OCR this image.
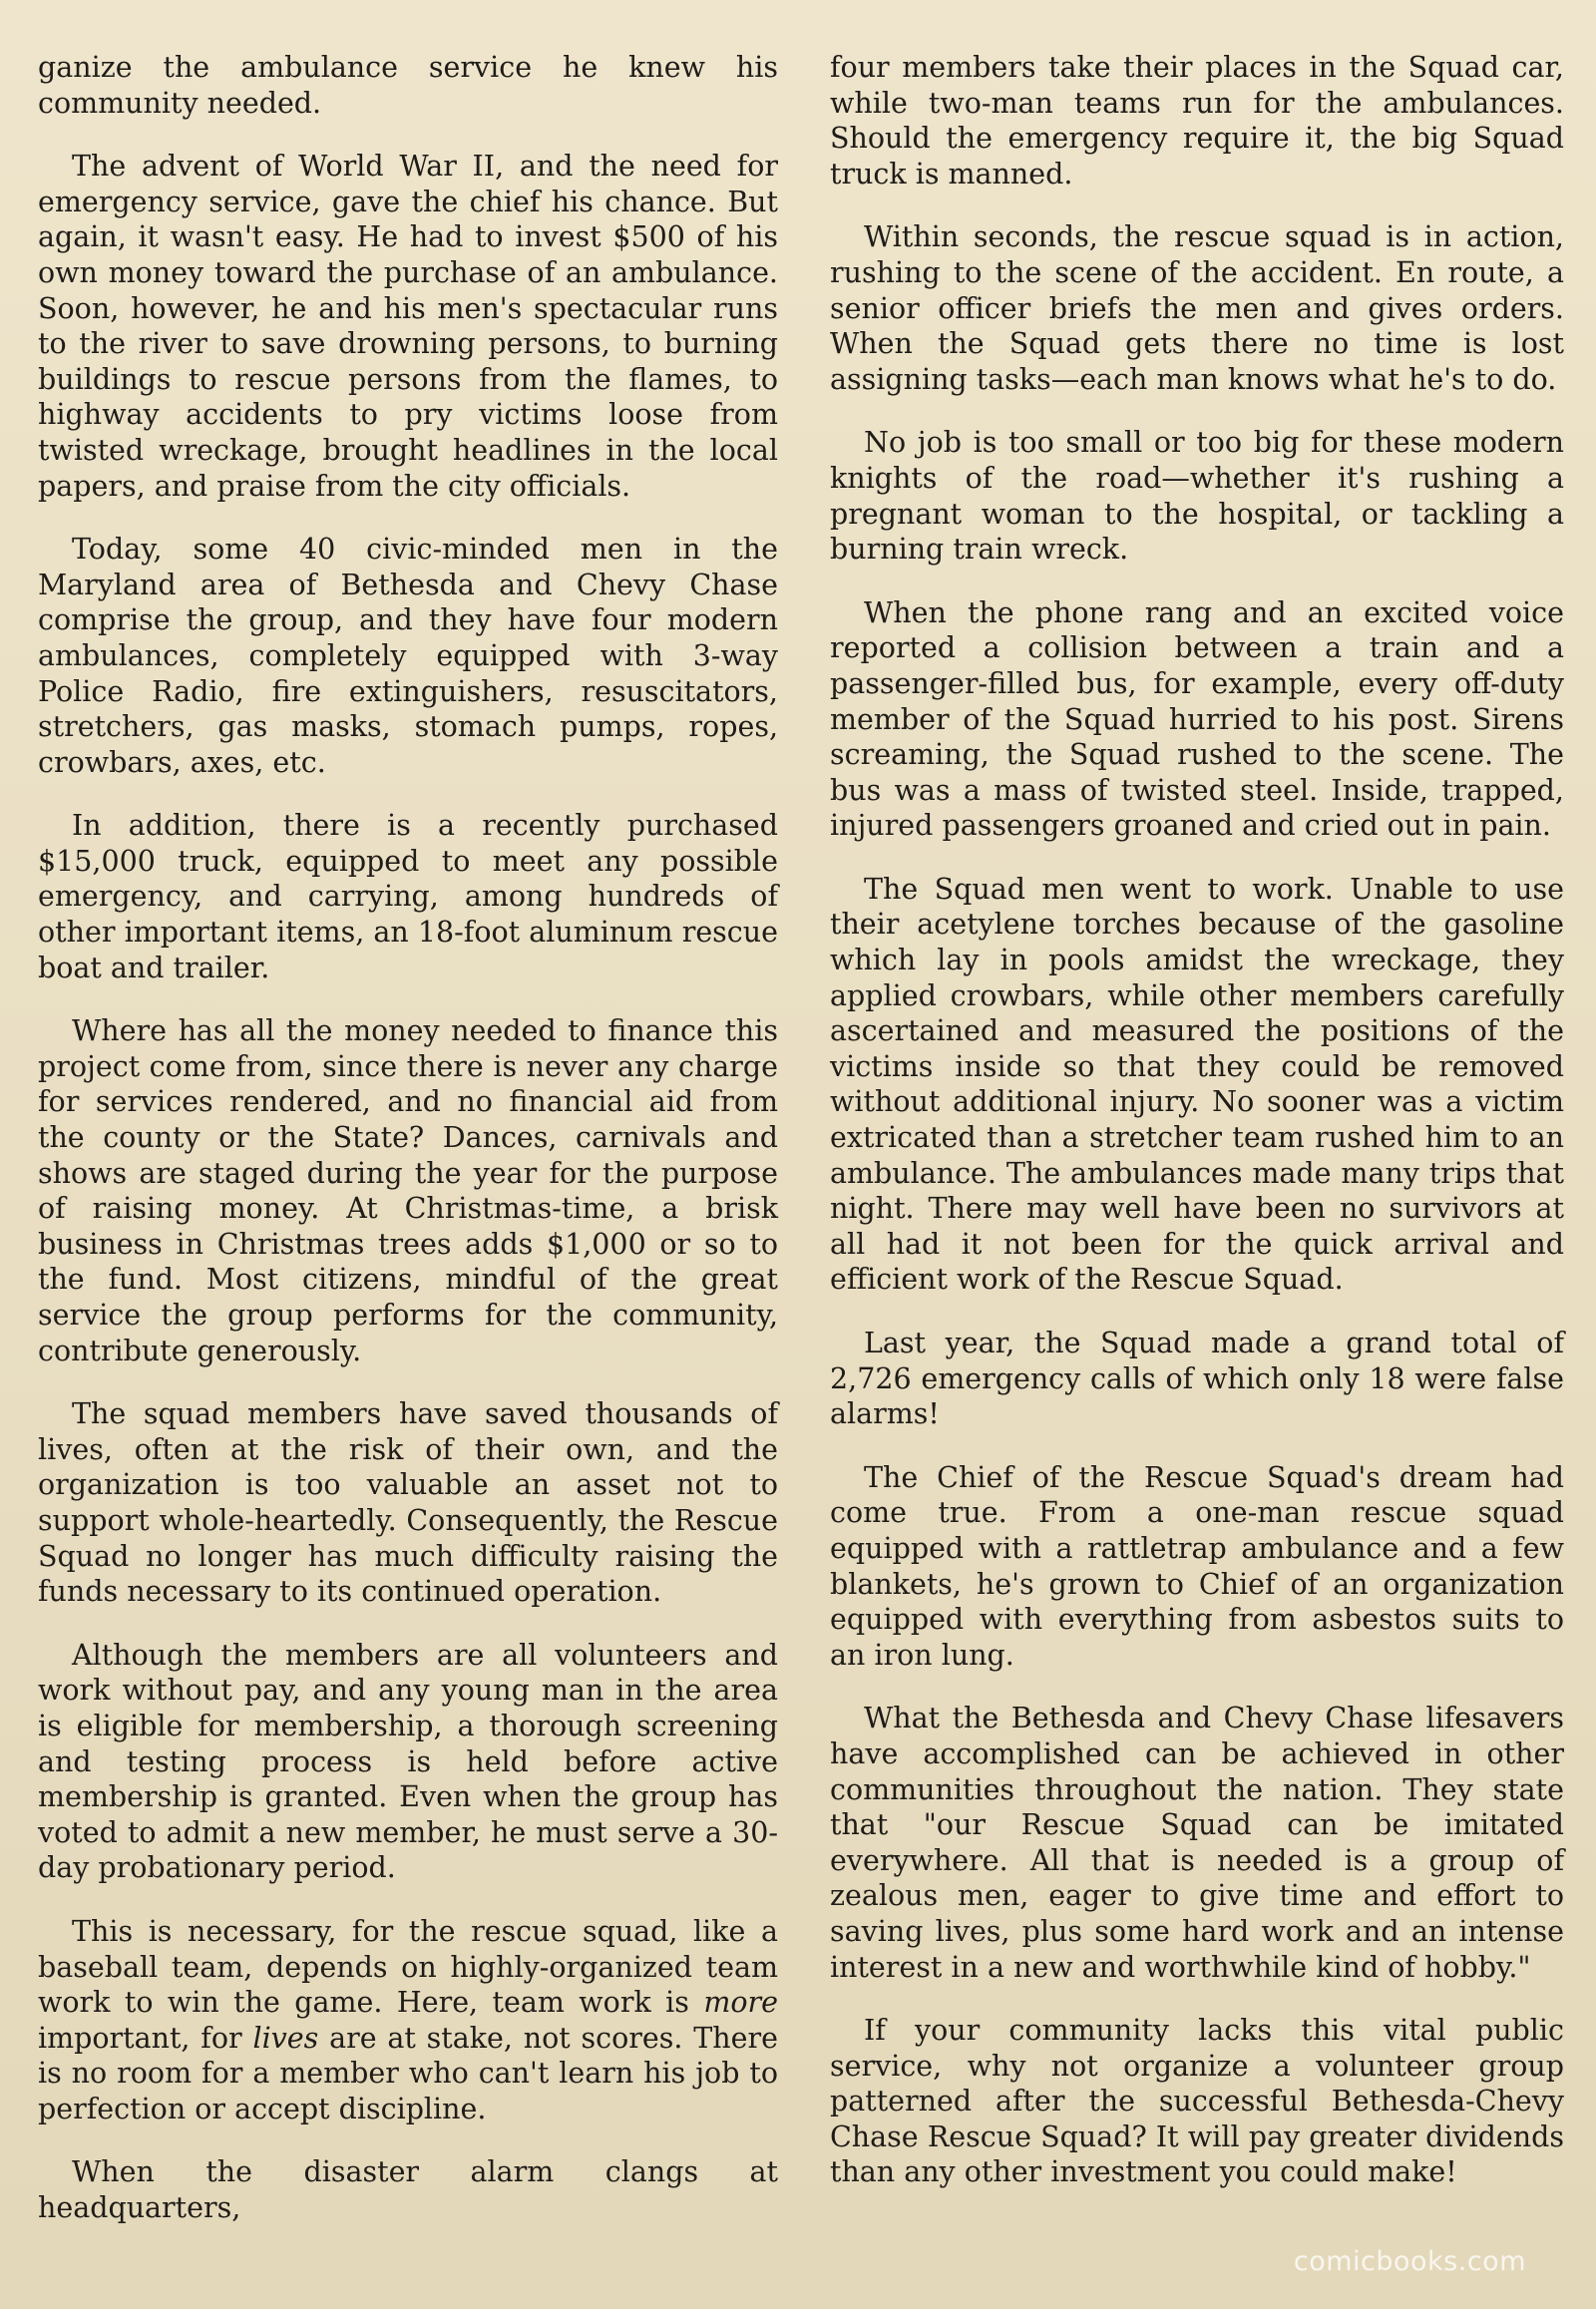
ganize the ambulance service he knew his community needed.

The advent of World War II, and the need for emergency service, gave the chief his chance. But again, it wasn't easy. He had to invest $500 of his own money toward the purchase of an ambulance. Soon, however, he and his men's spectacular runs to the river to save drowning persons, to burning buildings to rescue persons from the flames, to highway accidents to pry victims loose from twisted wreckage, brought headlines in the local papers, and praise from the city officials.

Today, some 40 civic-minded men in the Maryland area of Bethesda and Chevy Chase comprise the group, and they have four modern ambulances, completely equipped with 3-way Police Radio, fire extinguishers, resuscitators, stretchers, gas masks, stomach pumps, ropes, crowbars, axes, etc.

In addition, there is a recently purchased $15,000 truck, equipped to meet any possible emergency, and carrying, among hundreds of other important items, an 18-foot aluminum rescue boat and trailer.

Where has all the money needed to finance this project come from, since there is never any charge for services rendered, and no financial aid from the county or the State? Dances, carnivals and shows are staged during the year for the purpose of raising money. At Christmas-time, a brisk business in Christmas trees adds $1,000 or so to the fund. Most citizens, mindful of the great service the group performs for the community, contribute generously.

The squad members have saved thousands of lives, often at the risk of their own, and the organization is too valuable an asset not to support whole-heartedly. Consequently, the Rescue Squad no longer has much difficulty raising the funds necessary to its continued operation.

Although the members are all volunteers and work without pay, and any young man in the area is eligible for membership, a thorough screening and testing process is held before active membership is granted. Even when the group has voted to admit a new member, he must serve a 30-day probationary period.

This is necessary, for the rescue squad, like a baseball team, depends on highly-organized team work to win the game. Here, team work is more important, for lives are at stake, not scores. There is no room for a member who can't learn his job to perfection or accept discipline.

When the disaster alarm clangs at headquarters,

four members take their places in the Squad car, while two-man teams run for the ambulances. Should the emergency require it, the big Squad truck is manned.

Within seconds, the rescue squad is in action, rushing to the scene of the accident. En route, a senior officer briefs the men and gives orders. When the Squad gets there no time is lost assigning tasks—each man knows what he's to do.

No job is too small or too big for these modern knights of the road—whether it's rushing a pregnant woman to the hospital, or tackling a burning train wreck.

When the phone rang and an excited voice reported a collision between a train and a passenger-filled bus, for example, every off-duty member of the Squad hurried to his post. Sirens screaming, the Squad rushed to the scene. The bus was a mass of twisted steel. Inside, trapped, injured passengers groaned and cried out in pain.

The Squad men went to work. Unable to use their acetylene torches because of the gasoline which lay in pools amidst the wreckage, they applied crowbars, while other members carefully ascertained and measured the positions of the victims inside so that they could be removed without additional injury. No sooner was a victim extricated than a stretcher team rushed him to an ambulance. The ambulances made many trips that night. There may well have been no survivors at all had it not been for the quick arrival and efficient work of the Rescue Squad.

Last year, the Squad made a grand total of 2,726 emergency calls of which only 18 were false alarms!

The Chief of the Rescue Squad's dream had come true. From a one-man rescue squad equipped with a rattletrap ambulance and a few blankets, he's grown to Chief of an organization equipped with everything from asbestos suits to an iron lung.

What the Bethesda and Chevy Chase lifesavers have accomplished can be achieved in other communities throughout the nation. They state that "our Rescue Squad can be imitated everywhere. All that is needed is a group of zealous men, eager to give time and effort to saving lives, plus some hard work and an intense interest in a new and worthwhile kind of hobby."

If your community lacks this vital public service, why not organize a volunteer group patterned after the successful Bethesda-Chevy Chase Rescue Squad? It will pay greater dividends than any other investment you could make!

comicbooks.com
